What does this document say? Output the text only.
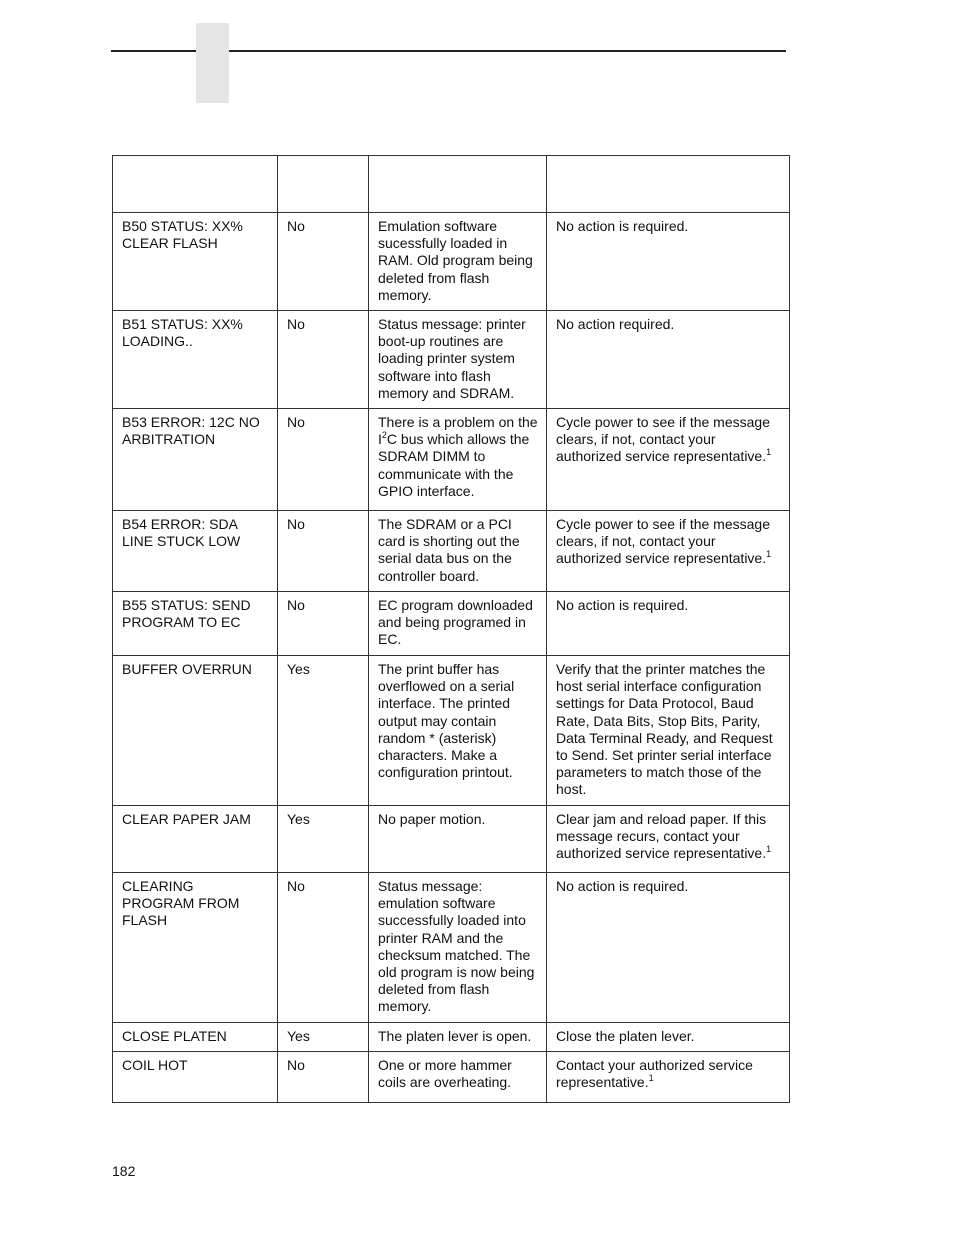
B50 STATUS: XX% CLEAR FLASH	No	Emulation software sucessfully loaded in RAM. Old program being deleted from flash memory.	No action is required.
B51 STATUS: XX% LOADING..	No	Status message: printer boot-up routines are loading printer system software into flash memory and SDRAM.	No action required.
B53 ERROR: 12C NO ARBITRATION	No	There is a problem on the $I^2C$ bus which allows the SDRAM DIMM to communicate with the GPIO interface.	Cycle power to see if the message clears, if not, contact your authorized service representative.$^1$
B54 ERROR: SDA LINE STUCK LOW	No	The SDRAM or a PCI card is shorting out the serial data bus on the controller board.	Cycle power to see if the message clears, if not, contact your authorized service representative.$^1$
B55 STATUS: SEND PROGRAM TO EC	No	EC program downloaded and being programed in EC.	No action is required.
BUFFER OVERRUN	Yes	The print buffer has overflowed on a serial interface. The printed output may contain random * (asterisk) characters. Make a configuration printout.	Verify that the printer matches the host serial interface configuration settings for Data Protocol, Baud Rate, Data Bits, Stop Bits, Parity, Data Terminal Ready, and Request to Send. Set printer serial interface parameters to match those of the host.
CLEAR PAPER JAM	Yes	No paper motion.	Clear jam and reload paper. If this message recurs, contact your authorized service representative.$^1$
CLEARING PROGRAM FROM FLASH	No	Status message: emulation software successfully loaded into printer RAM and the checksum matched. The old program is now being deleted from flash memory.	No action is required.
CLOSE PLATEN	Yes	The platen lever is open.	Close the platen lever.
COIL HOT	No	One or more hammer coils are overheating.	Contact your authorized service representative.$^1$
182
